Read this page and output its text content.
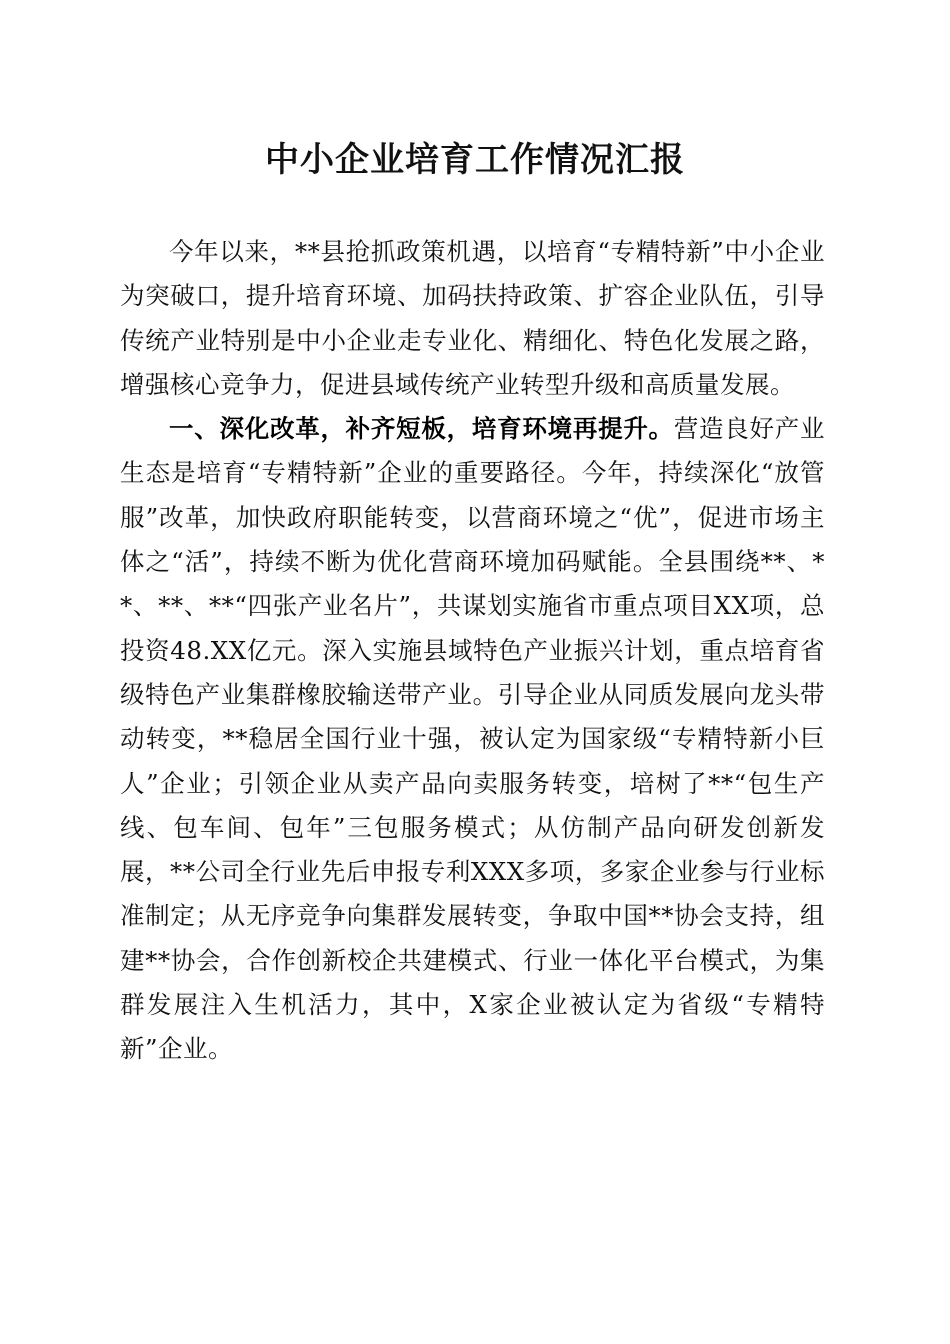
中小企业培育工作情况汇报

今年以来，**县抢抓政策机遇，以培育“专精特新”中小企业为突破口，提升培育环境、加码扶持政策、扩容企业队伍，引导传统产业特别是中小企业走专业化、精细化、特色化发展之路，增强核心竞争力，促进县域传统产业转型升级和高质量发展。

一、深化改革，补齐短板，培育环境再提升。营造良好产业生态是培育“专精特新”企业的重要路径。今年，持续深化“放管服”改革，加快政府职能转变，以营商环境之“优”，促进市场主体之“活”，持续不断为优化营商环境加码赋能。全县围绕**、**、**、**“四张产业名片”，共谋划实施省市重点项目XX项，总投资48.XX亿元。深入实施县域特色产业振兴计划，重点培育省级特色产业集群橡胶输送带产业。引导企业从同质发展向龙头带动转变，**稳居全国行业十强，被认定为国家级“专精特新小巨人”企业；引领企业从卖产品向卖服务转变，培树了**“包生产线、包车间、包年”三包服务模式；从仿制产品向研发创新发展，**公司全行业先后申报专利XXX多项，多家企业参与行业标准制定；从无序竞争向集群发展转变，争取中国**协会支持，组建**协会，合作创新校企共建模式、行业一体化平台模式，为集群发展注入生机活力，其中，X家企业被认定为省级“专精特新”企业。
